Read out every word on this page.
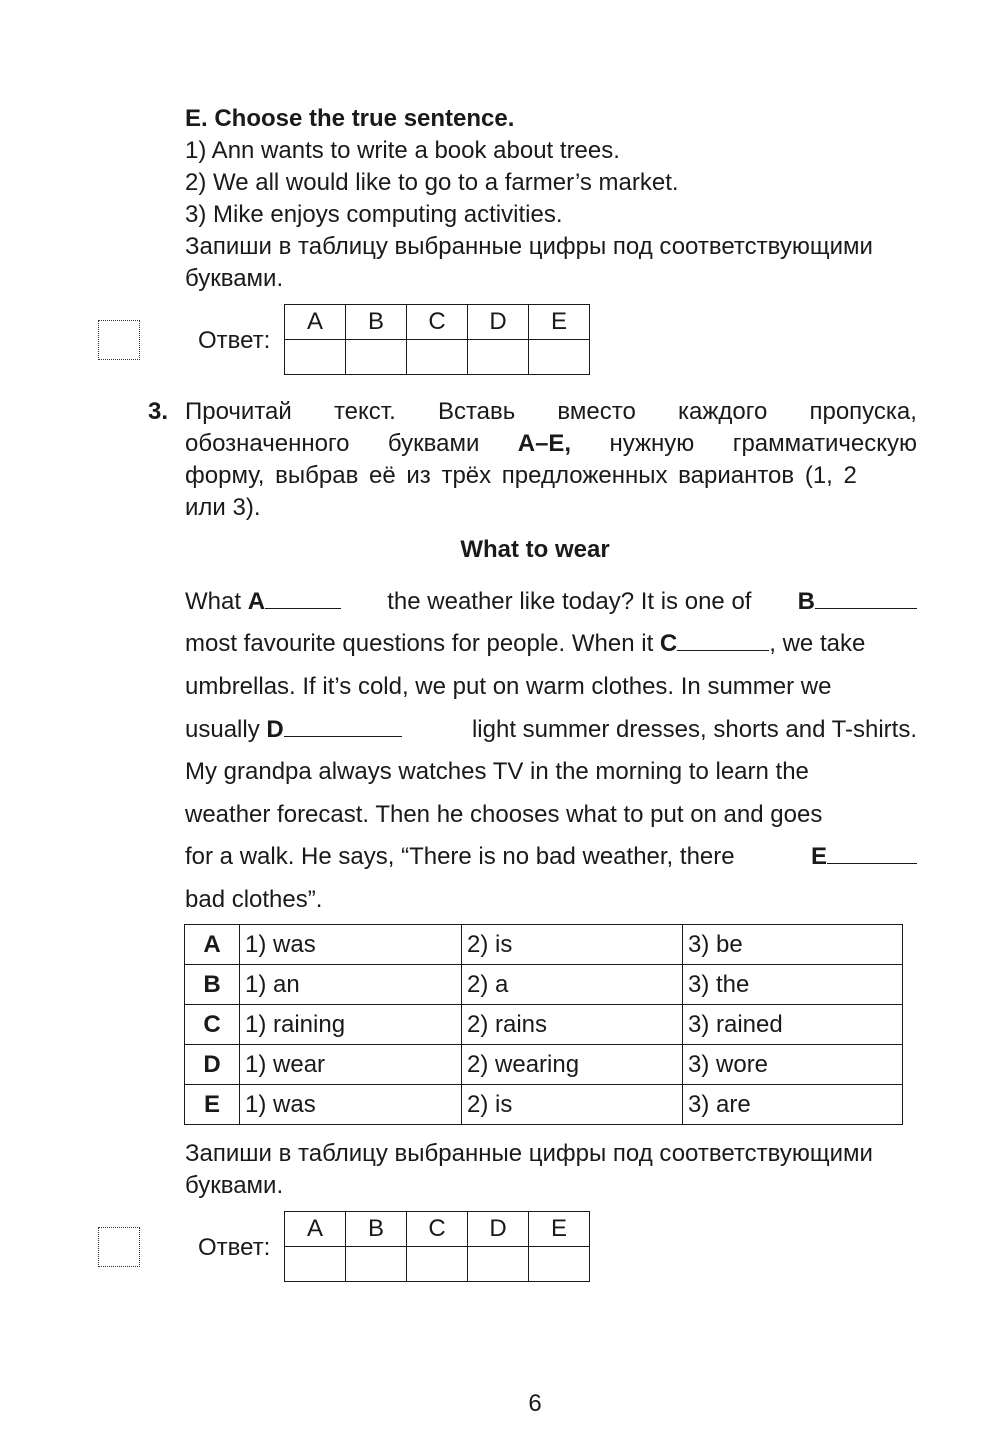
E. Choose the true sentence.
1) Ann wants to write a book about trees.
2) We all would like to go to a farmer’s market.
3) Mike enjoys computing activities.
Запиши в таблицу выбранные цифры под соответствующими
буквами.
Ответ:
A	B	C	D	E

3. Прочитай текст. Вставь вместо каждого пропуска,
обозначенного буквами A–E, нужную грамматическую
форму, выбрав её из трёх предложенных вариантов (1, 2
или 3).
What to wear
What A	the weather like today? It is one of B
most favourite questions for people. When it C	, we take
umbrellas. If it’s cold, we put on warm clothes. In summer we
usually D	light summer dresses, shorts and T-shirts.
My grandpa always watches TV in the morning to learn the
weather forecast. Then he chooses what to put on and goes
for a walk. He says, “There is no bad weather, there	E
bad clothes”.
A	1) was	2) is	3) be
B	1) an	2) a	3) the
C	1) raining	2) rains	3) rained
D	1) wear	2) wearing	3) wore
E	1) was	2) is	3) are
Запиши в таблицу выбранные цифры под соответствующими
буквами.
Ответ:
A	B	C	D	E

6
